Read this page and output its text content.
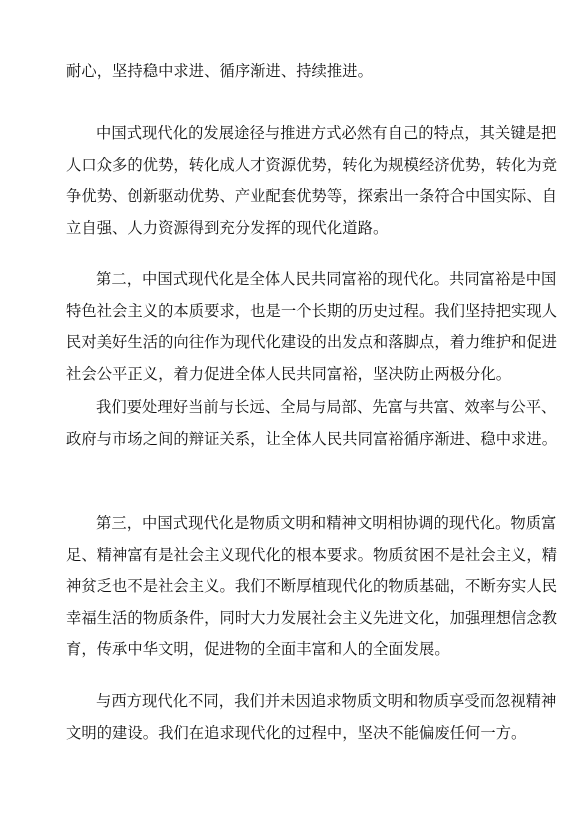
耐心，坚持稳中求进、循序渐进、持续推进。

中国式现代化的发展途径与推进方式必然有自己的特点，其关键是把
人口众多的优势，转化成人才资源优势，转化为规模经济优势，转化为竞
争优势、创新驱动优势、产业配套优势等，探索出一条符合中国实际、自
立自强、人力资源得到充分发挥的现代化道路。

第二，中国式现代化是全体人民共同富裕的现代化。共同富裕是中国
特色社会主义的本质要求，也是一个长期的历史过程。我们坚持把实现人
民对美好生活的向往作为现代化建设的出发点和落脚点，着力维护和促进
社会公平正义，着力促进全体人民共同富裕，坚决防止两极分化。

我们要处理好当前与长远、全局与局部、先富与共富、效率与公平、
政府与市场之间的辩证关系，让全体人民共同富裕循序渐进、稳中求进。

第三，中国式现代化是物质文明和精神文明相协调的现代化。物质富
足、精神富有是社会主义现代化的根本要求。物质贫困不是社会主义，精
神贫乏也不是社会主义。我们不断厚植现代化的物质基础，不断夯实人民
幸福生活的物质条件，同时大力发展社会主义先进文化，加强理想信念教
育，传承中华文明，促进物的全面丰富和人的全面发展。

与西方现代化不同，我们并未因追求物质文明和物质享受而忽视精神
文明的建设。我们在追求现代化的过程中，坚决不能偏废任何一方。
